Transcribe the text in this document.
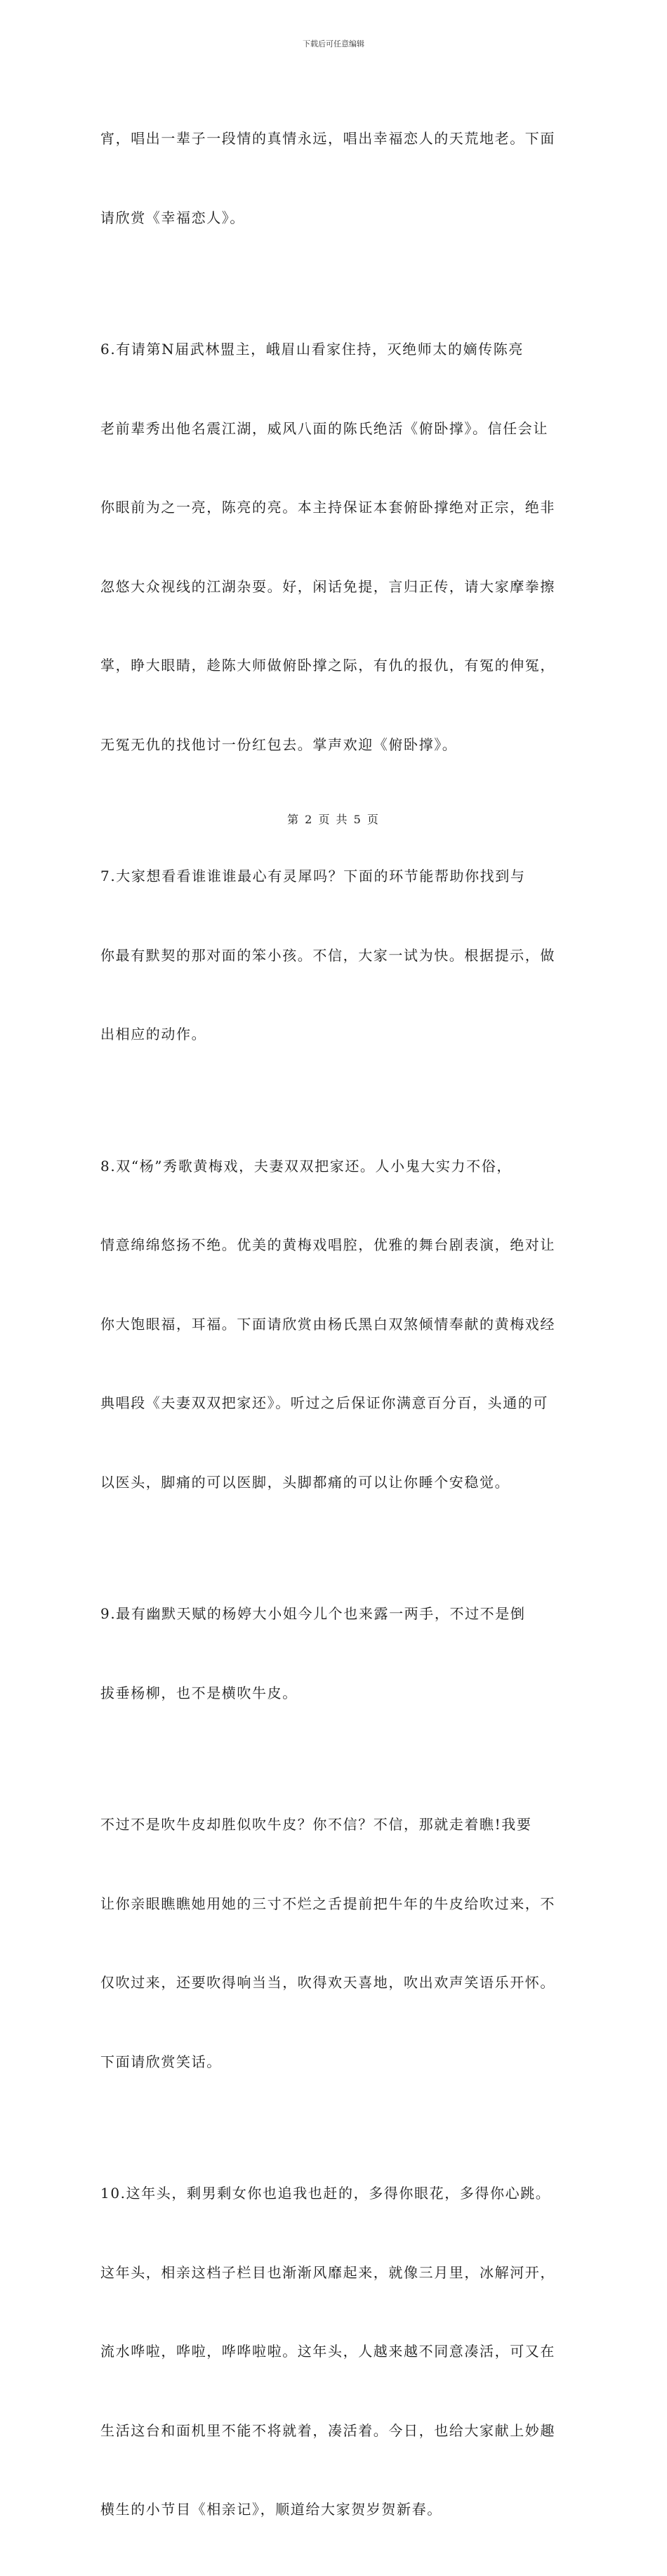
下载后可任意编辑

宵，唱出一辈子一段情的真情永远，唱出幸福恋人的天荒地老。下面

请欣赏《幸福恋人》。

6.有请第N届武林盟主，峨眉山看家住持，灭绝师太的嫡传陈亮

老前辈秀出他名震江湖，威风八面的陈氏绝活《俯卧撑》。信任会让

你眼前为之一亮，陈亮的亮。本主持保证本套俯卧撑绝对正宗，绝非

忽悠大众视线的江湖杂耍。好，闲话免提，言归正传，请大家摩拳擦

掌，睁大眼睛，趁陈大师做俯卧撑之际，有仇的报仇，有冤的伸冤，

无冤无仇的找他讨一份红包去。掌声欢迎《俯卧撑》。

7.大家想看看谁谁谁最心有灵犀吗？下面的环节能帮助你找到与

你最有默契的那对面的笨小孩。不信，大家一试为快。根据提示，做

出相应的动作。

8.双“杨”秀歌黄梅戏，夫妻双双把家还。人小鬼大实力不俗，

情意绵绵悠扬不绝。优美的黄梅戏唱腔，优雅的舞台剧表演，绝对让

你大饱眼福，耳福。下面请欣赏由杨氏黑白双煞倾情奉献的黄梅戏经

典唱段《夫妻双双把家还》。听过之后保证你满意百分百，头通的可

以医头，脚痛的可以医脚，头脚都痛的可以让你睡个安稳觉。

9.最有幽默天赋的杨婷大小姐今儿个也来露一两手，不过不是倒

拔垂杨柳，也不是横吹牛皮。

不过不是吹牛皮却胜似吹牛皮？你不信？不信，那就走着瞧!我要

让你亲眼瞧瞧她用她的三寸不烂之舌提前把牛年的牛皮给吹过来，不

仅吹过来，还要吹得响当当，吹得欢天喜地，吹出欢声笑语乐开怀。

下面请欣赏笑话。

10.这年头，剩男剩女你也追我也赶的，多得你眼花，多得你心跳。

这年头，相亲这档子栏目也渐渐风靡起来，就像三月里，冰解河开，

流水哗啦，哗啦，哗哗啦啦。这年头，人越来越不同意凑活，可又在

生活这台和面机里不能不将就着，凑活着。今日，也给大家献上妙趣

横生的小节目《相亲记》，顺道给大家贺岁贺新春。

第 2 页 共 5 页
